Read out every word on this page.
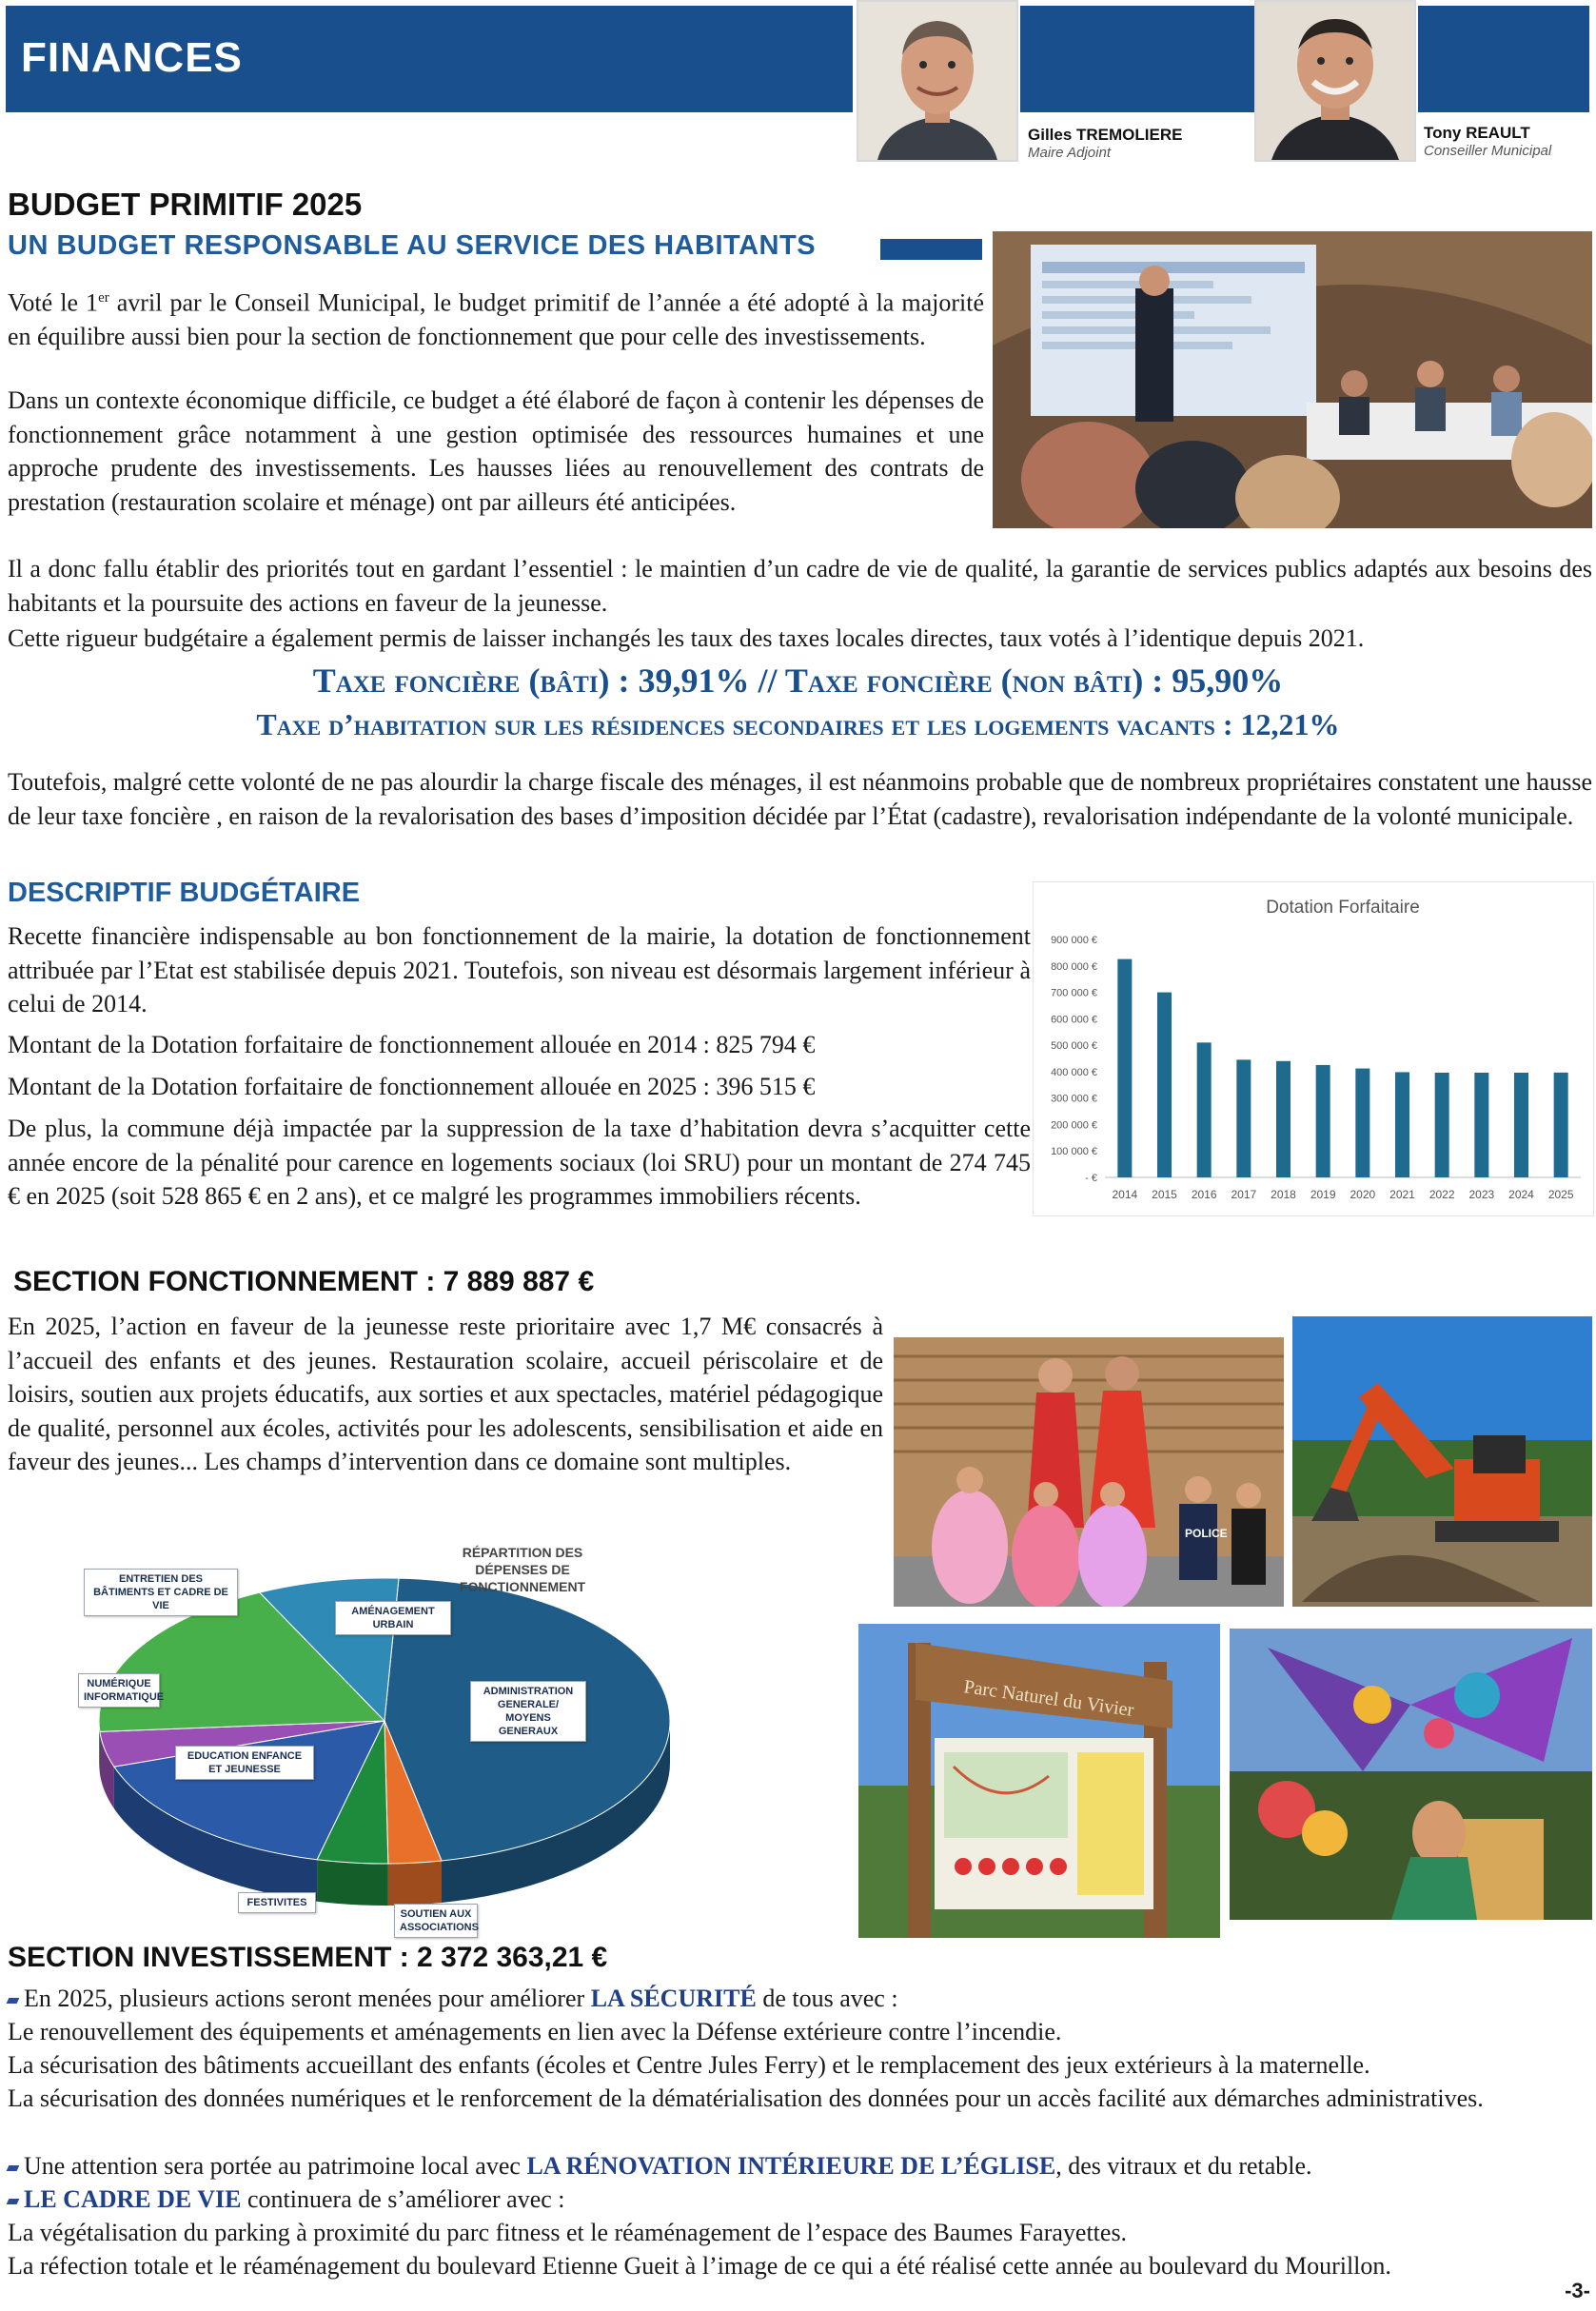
FINANCES
Gilles TREMOLIERE
Maire Adjoint
Tony REAULT
Conseiller Municipal
BUDGET PRIMITIF 2025
UN BUDGET RESPONSABLE AU SERVICE DES HABITANTS
Voté le 1er avril par le Conseil Municipal, le budget primitif de l’année a été adopté à la majorité en équilibre aussi bien pour la section de fonctionnement que pour celle des investissements.
Dans un contexte économique difficile, ce budget a été élaboré de façon à contenir les dépenses de fonctionnement grâce notamment à une gestion optimisée des ressources humaines et une approche prudente des investissements. Les hausses liées au renouvellement des contrats de prestation (restauration scolaire et ménage) ont par ailleurs été anticipées.
Il a donc fallu établir des priorités tout en gardant l’essentiel : le maintien d’un cadre de vie de qualité, la garantie de services publics adaptés aux besoins des habitants et la poursuite des actions en faveur de la jeunesse.
Cette rigueur budgétaire a également permis de laisser inchangés les taux des taxes locales directes, taux votés à l’identique depuis 2021.
Taxe foncière (bâti) : 39,91% // Taxe foncière (non bâti) : 95,90%
Taxe d’habitation sur les résidences secondaires et les logements vacants : 12,21%
Toutefois, malgré cette volonté de ne pas alourdir la charge fiscale des ménages, il est néanmoins probable que de nombreux propriétaires constatent une hausse de leur taxe foncière , en raison de la revalorisation des bases d’imposition décidée par l’État (cadastre), revalorisation indépendante de la volonté municipale.
DESCRIPTIF BUDGÉTAIRE
Recette financière indispensable au bon fonctionnement de la mairie, la dotation de fonctionnement attribuée par l’Etat est stabilisée depuis 2021. Toutefois, son niveau est désormais largement inférieur à celui de 2014.
Montant de la Dotation forfaitaire de fonctionnement allouée en 2014 : 825 794 €
Montant de la Dotation forfaitaire de fonctionnement allouée en 2025 : 396 515 €
De plus, la commune déjà impactée par la suppression de la taxe d’habitation devra s’acquitter cette année encore de la pénalité pour carence en logements sociaux (loi SRU) pour un montant de 274 745 € en 2025 (soit 528 865 € en 2 ans), et ce malgré les programmes immobiliers récents.
Dotation Forfaitaire
- €
100 000 €
200 000 €
300 000 €
400 000 €
500 000 €
600 000 €
700 000 €
800 000 €
900 000 €
2014 2015 2016 2017 2018 2019 2020 2021 2022 2023 2024 2025
SECTION FONCTIONNEMENT : 7 889 887 €
En 2025, l’action en faveur de la jeunesse reste prioritaire avec 1,7 M€ consacrés à l’accueil des enfants et des jeunes. Restauration scolaire, accueil périscolaire et de loisirs, soutien aux projets éducatifs, aux sorties et aux spectacles, matériel pédagogique de qualité, personnel aux écoles, activités pour les adolescents, sensibilisation et aide en faveur des jeunes... Les champs d’intervention dans ce domaine sont multiples.
POLICE
RÉPARTITION DES DÉPENSES DE FONCTIONNEMENT
ENTRETIEN DES BÂTIMENTS ET CADRE DE VIE	AMÉNAGEMENT URBAIN
NUMÉRIQUE INFORMATIQUE	ADMINISTRATION GENERALE/ MOYENS GENERAUX
EDUCATION ENFANCE ET JEUNESSE
FESTIVITES
SOUTIEN AUX ASSOCIATIONS
Parc Naturel du Vivier
SECTION INVESTISSEMENT : 2 372 363,21 €
En 2025, plusieurs actions seront menées pour améliorer LA SÉCURITÉ de tous avec :
Le renouvellement des équipements et aménagements en lien avec la Défense extérieure contre l’incendie.
La sécurisation des bâtiments accueillant des enfants (écoles et Centre Jules Ferry) et le remplacement des jeux extérieurs à la maternelle.
La sécurisation des données numériques et le renforcement de la dématérialisation des données pour un accès facilité aux démarches administratives.
Une attention sera portée au patrimoine local avec LA RÉNOVATION INTÉRIEURE DE L’ÉGLISE, des vitraux et du retable.
LE CADRE DE VIE continuera de s’améliorer avec :
La végétalisation du parking à proximité du parc fitness et le réaménagement de l’espace des Baumes Farayettes.
La réfection totale et le réaménagement du boulevard Etienne Gueit à l’image de ce qui a été réalisé cette année au boulevard du Mourillon.
-3-
